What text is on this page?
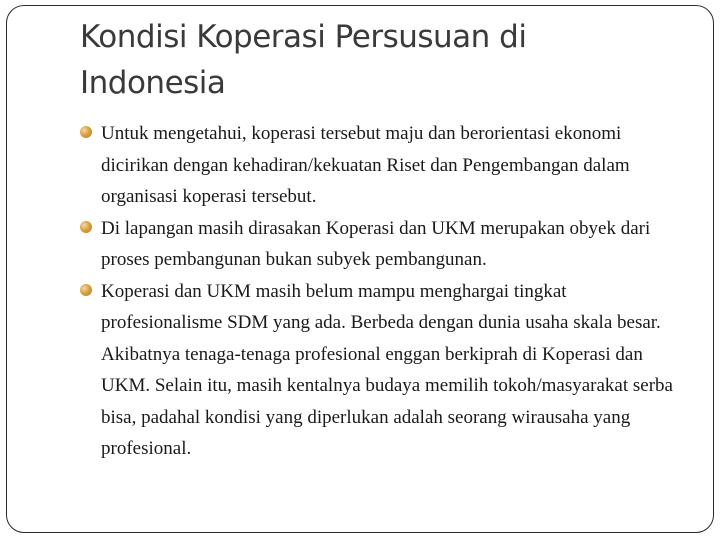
Kondisi Koperasi Persusuan di Indonesia
Untuk mengetahui, koperasi tersebut maju dan berorientasi ekonomi dicirikan dengan kehadiran/kekuatan Riset dan Pengembangan dalam organisasi koperasi tersebut.
Di lapangan masih dirasakan Koperasi dan UKM merupakan obyek dari proses pembangunan bukan subyek pembangunan.
Koperasi dan UKM masih belum mampu menghargai tingkat profesionalisme SDM yang ada. Berbeda dengan dunia usaha skala besar. Akibatnya tenaga-tenaga profesional enggan berkiprah di Koperasi dan UKM. Selain itu, masih kentalnya budaya memilih tokoh/masyarakat serba bisa, padahal kondisi yang diperlukan adalah seorang wirausaha yang profesional.
